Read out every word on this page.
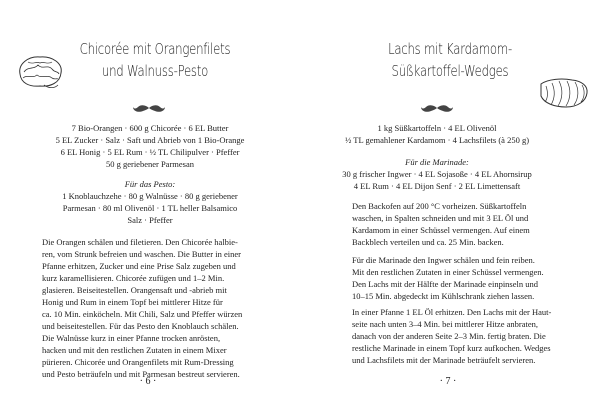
Chicorée mit Orangenfilets
und Walnuss-Pesto
7 Bio-Orangen · 600 g Chicorée · 6 EL Butter
5 EL Zucker · Salz · Saft und Abrieb von 1 Bio-Orange
6 EL Honig · 5 EL Rum · ½ TL Chilipulver · Pfeffer
50 g geriebener Parmesan
Für das Pesto:
1 Knoblauchzehe · 80 g Walnüsse · 80 g geriebener
Parmesan · 80 ml Olivenöl · 1 TL heller Balsamico
Salz · Pfeffer
Die Orangen schälen und filetieren. Den Chicorée halbie-
ren, vom Strunk befreien und waschen. Die Butter in einer
Pfanne erhitzen, Zucker und eine Prise Salz zugeben und
kurz karamellisieren. Chicorée zufügen und 1–2 Min.
glasieren. Beiseitestellen. Orangensaft und -abrieb mit
Honig und Rum in einem Topf bei mittlerer Hitze für
ca. 10 Min. einköcheln. Mit Chili, Salz und Pfeffer würzen
und beiseitestellen. Für das Pesto den Knoblauch schälen.
Die Walnüsse kurz in einer Pfanne trocken anrösten,
hacken und mit den restlichen Zutaten in einem Mixer
pürieren. Chicorée und Orangenfilets mit Rum-Dressing
und Pesto beträufeln und mit Parmesan bestreut servieren.
· 6 ·
Lachs mit Kardamom-
Süßkartoffel-Wedges
1 kg Süßkartoffeln · 4 EL Olivenöl
½ TL gemahlener Kardamom · 4 Lachsfilets (à 250 g)
Für die Marinade:
30 g frischer Ingwer · 4 EL Sojasoße · 4 EL Ahornsirup
4 EL Rum · 4 EL Dijon Senf · 2 EL Limettensaft
Den Backofen auf 200 °C vorheizen. Süßkartoffeln
waschen, in Spalten schneiden und mit 3 EL Öl und
Kardamom in einer Schüssel vermengen. Auf einem
Backblech verteilen und ca. 25 Min. backen.
Für die Marinade den Ingwer schälen und fein reiben.
Mit den restlichen Zutaten in einer Schüssel vermengen.
Den Lachs mit der Hälfte der Marinade einpinseln und
10–15 Min. abgedeckt im Kühlschrank ziehen lassen.
In einer Pfanne 1 EL Öl erhitzen. Den Lachs mit der Haut-
seite nach unten 3–4 Min. bei mittlerer Hitze anbraten,
danach von der anderen Seite 2–3 Min. fertig braten. Die
restliche Marinade in einem Topf kurz aufkochen. Wedges
und Lachsfilets mit der Marinade beträufelt servieren.
· 7 ·
